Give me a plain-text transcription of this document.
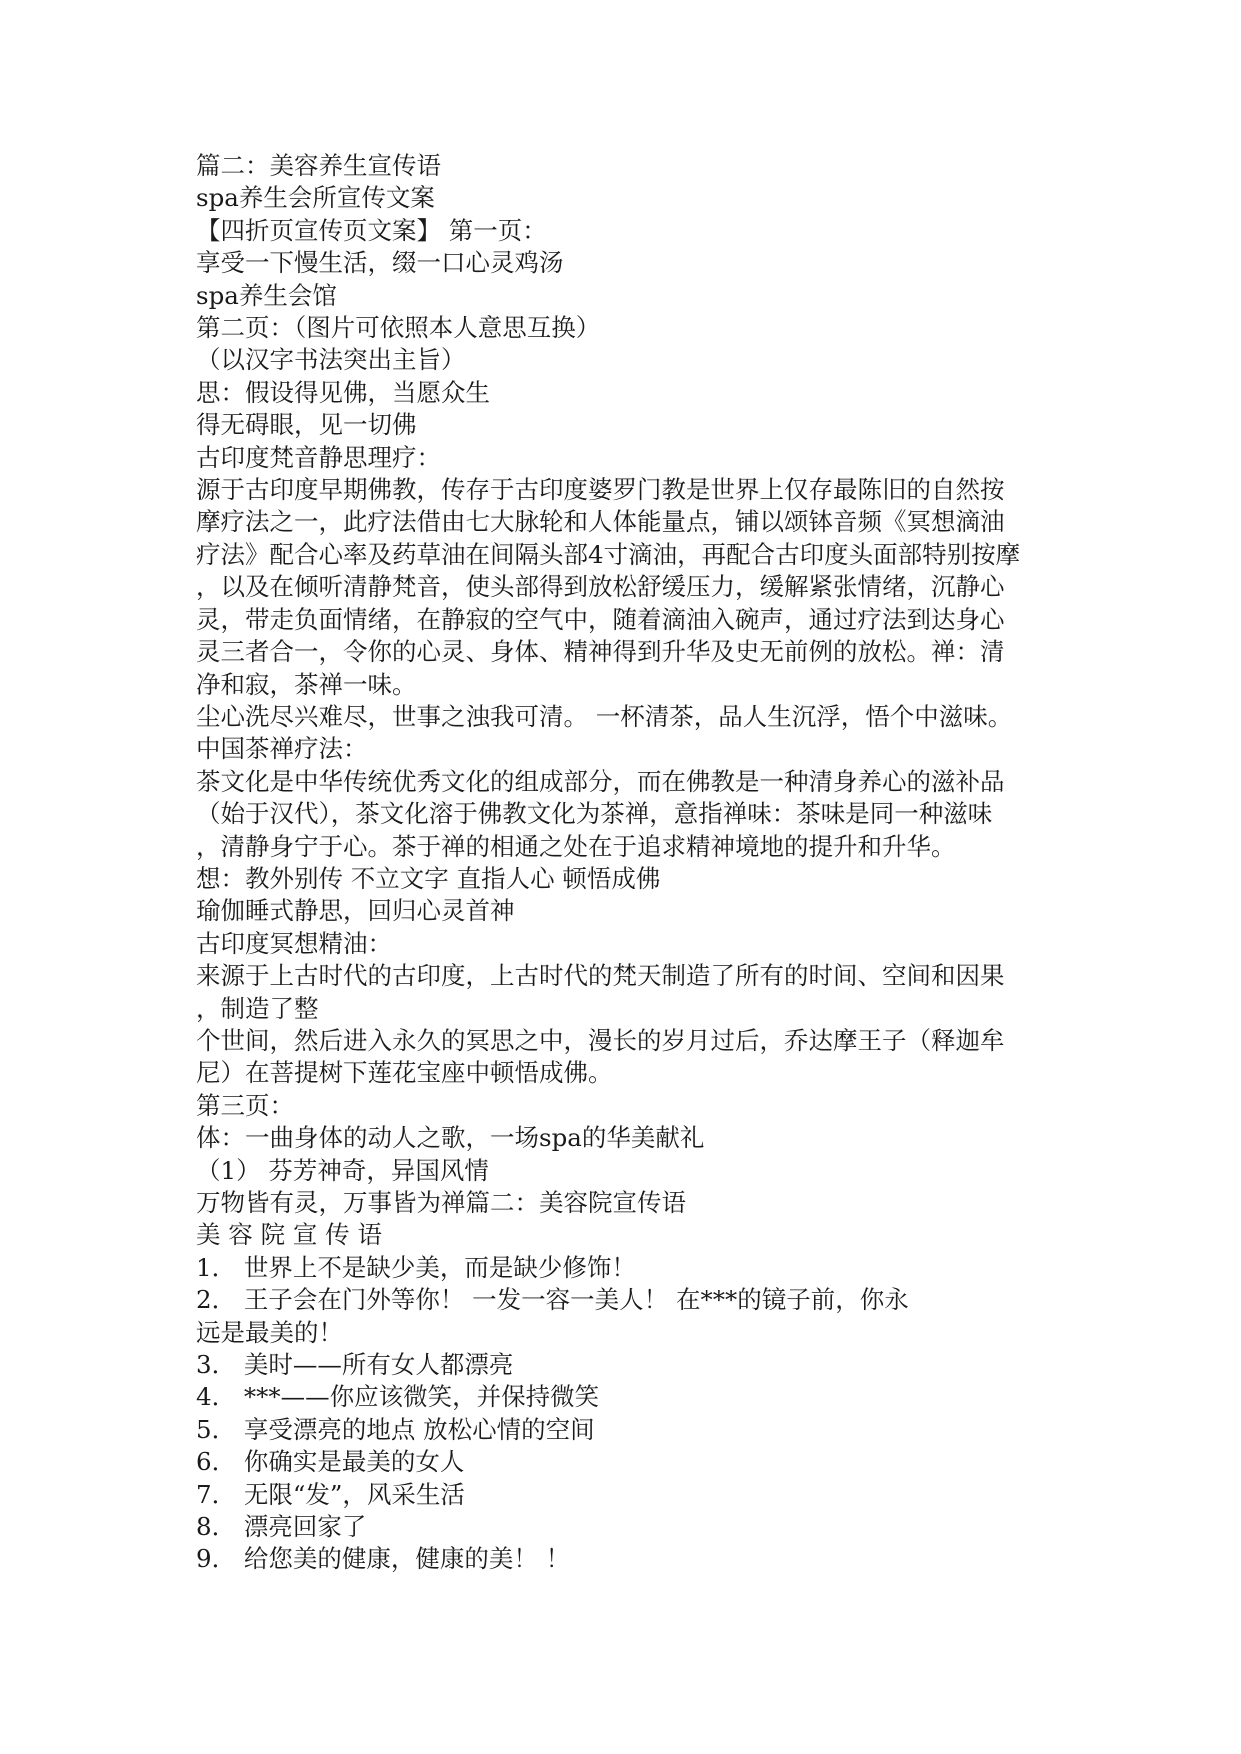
篇二：美容养生宣传语

spa养生会所宣传文案

【四折页宣传页文案】 第一页：

享受一下慢生活，缀一口心灵鸡汤

spa养生会馆

第二页：（图片可依照本人意思互换）

（以汉字书法突出主旨）

思：假设得见佛，当愿众生

得无碍眼，见一切佛

古印度梵音静思理疗：

源于古印度早期佛教，传存于古印度婆罗门教是世界上仅存最陈旧的自然按

摩疗法之一，此疗法借由七大脉轮和人体能量点，铺以颂钵音频《冥想滴油

疗法》配合心率及药草油在间隔头部4寸滴油，再配合古印度头面部特别按摩

，以及在倾听清静梵音，使头部得到放松舒缓压力，缓解紧张情绪，沉静心

灵，带走负面情绪，在静寂的空气中，随着滴油入碗声，通过疗法到达身心

灵三者合一，令你的心灵、身体、精神得到升华及史无前例的放松。禅：清

净和寂，茶禅一味。

尘心洗尽兴难尽，世事之浊我可清。 一杯清茶，品人生沉浮，悟个中滋味。

中国茶禅疗法：

茶文化是中华传统优秀文化的组成部分，而在佛教是一种清身养心的滋补品

（始于汉代），茶文化溶于佛教文化为茶禅，意指禅味：茶味是同一种滋味

，清静身宁于心。茶于禅的相通之处在于追求精神境地的提升和升华。

想：教外别传 不立文字 直指人心 顿悟成佛

瑜伽睡式静思，回归心灵首神

古印度冥想精油：

来源于上古时代的古印度，上古时代的梵天制造了所有的时间、空间和因果

，制造了整

个世间，然后进入永久的冥思之中，漫长的岁月过后，乔达摩王子（释迦牟

尼）在菩提树下莲花宝座中顿悟成佛。

第三页：

体：一曲身体的动人之歌，一场spa的华美献礼

（1） 芬芳神奇，异国风情

万物皆有灵，万事皆为禅篇二：美容院宣传语

美 容 院 宣 传 语

1． 世界上不是缺少美，而是缺少修饰！

2． 王子会在门外等你！ 一发一容一美人！ 在***的镜子前，你永

远是最美的！

3． 美时——所有女人都漂亮

4． ***——你应该微笑，并保持微笑

5． 享受漂亮的地点 放松心情的空间

6． 你确实是最美的女人

7． 无限“发”，风采生活

8． 漂亮回家了

9． 给您美的健康，健康的美！ ！
